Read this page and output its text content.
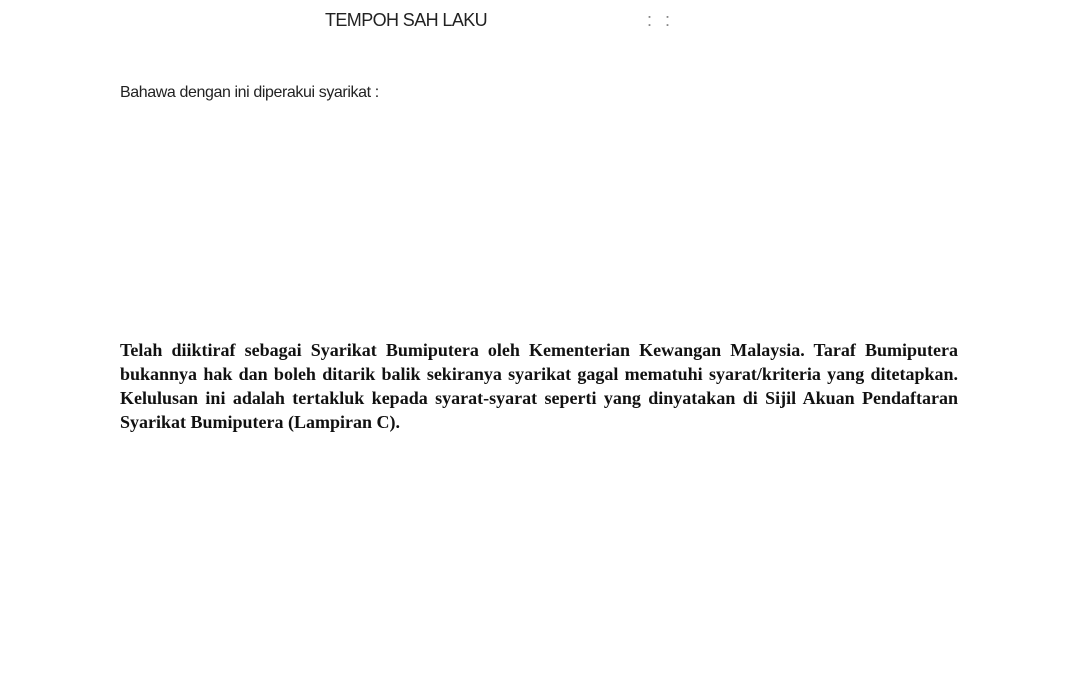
TEMPOH SAH LAKU	: :
Bahawa dengan ini diperakui syarikat :

Telah diiktiraf sebagai Syarikat Bumiputera oleh Kementerian Kewangan Malaysia. Taraf Bumiputera bukannya hak dan boleh ditarik balik sekiranya syarikat gagal mematuhi syarat/kriteria yang ditetapkan. Kelulusan ini adalah tertakluk kepada syarat-syarat seperti yang dinyatakan di Sijil Akuan Pendaftaran Syarikat Bumiputera (Lampiran C).
